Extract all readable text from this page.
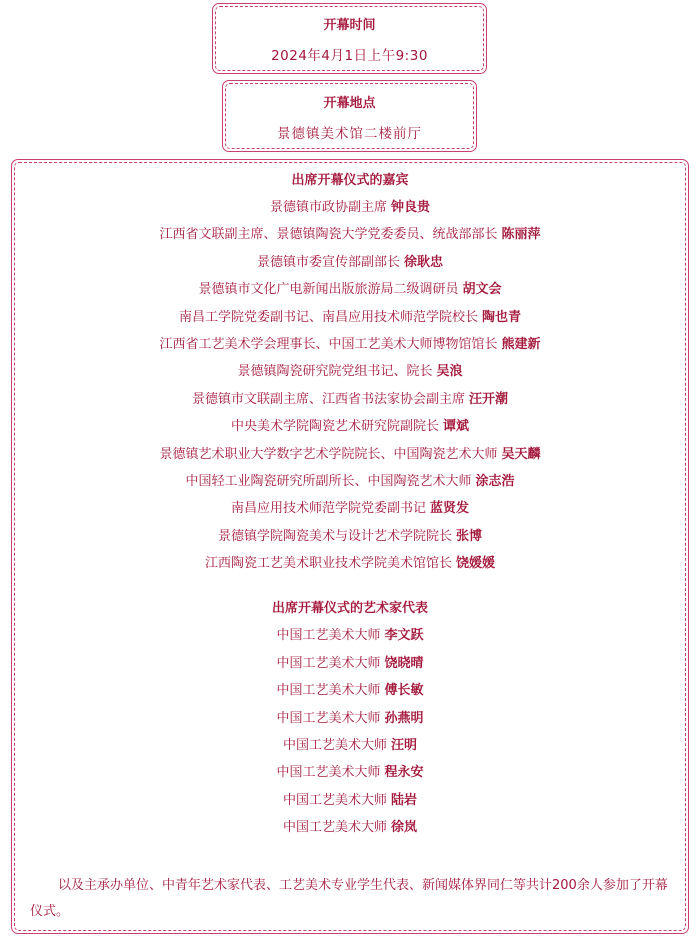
开幕时间
2024年4月1日上午9:30
开幕地点
景德镇美术馆二楼前厅
出席开幕仪式的嘉宾
景德镇市政协副主席 钟良贵
江西省文联副主席、景德镇陶瓷大学党委委员、统战部部长 陈丽萍
景德镇市委宣传部副部长 徐耿忠
景德镇市文化广电新闻出版旅游局二级调研员 胡文会
南昌工学院党委副书记、南昌应用技术师范学院校长 陶也青
江西省工艺美术学会理事长、中国工艺美术大师博物馆馆长 熊建新
景德镇陶瓷研究院党组书记、院长 吴浪
景德镇市文联副主席、江西省书法家协会副主席 汪开潮
中央美术学院陶瓷艺术研究院副院长 谭斌
景德镇艺术职业大学数字艺术学院院长、中国陶瓷艺术大师 吴天麟
中国轻工业陶瓷研究所副所长、中国陶瓷艺术大师 涂志浩
南昌应用技术师范学院党委副书记 蓝贤发
景德镇学院陶瓷美术与设计艺术学院院长 张博
江西陶瓷工艺美术职业技术学院美术馆馆长 饶媛媛
出席开幕仪式的艺术家代表
中国工艺美术大师 李文跃
中国工艺美术大师 饶晓晴
中国工艺美术大师 傅长敏
中国工艺美术大师 孙燕明
中国工艺美术大师 汪明
中国工艺美术大师 程永安
中国工艺美术大师 陆岩
中国工艺美术大师 徐岚
以及主承办单位、中青年艺术家代表、工艺美术专业学生代表、新闻媒体界同仁等共计200余人参加了开幕仪式。
